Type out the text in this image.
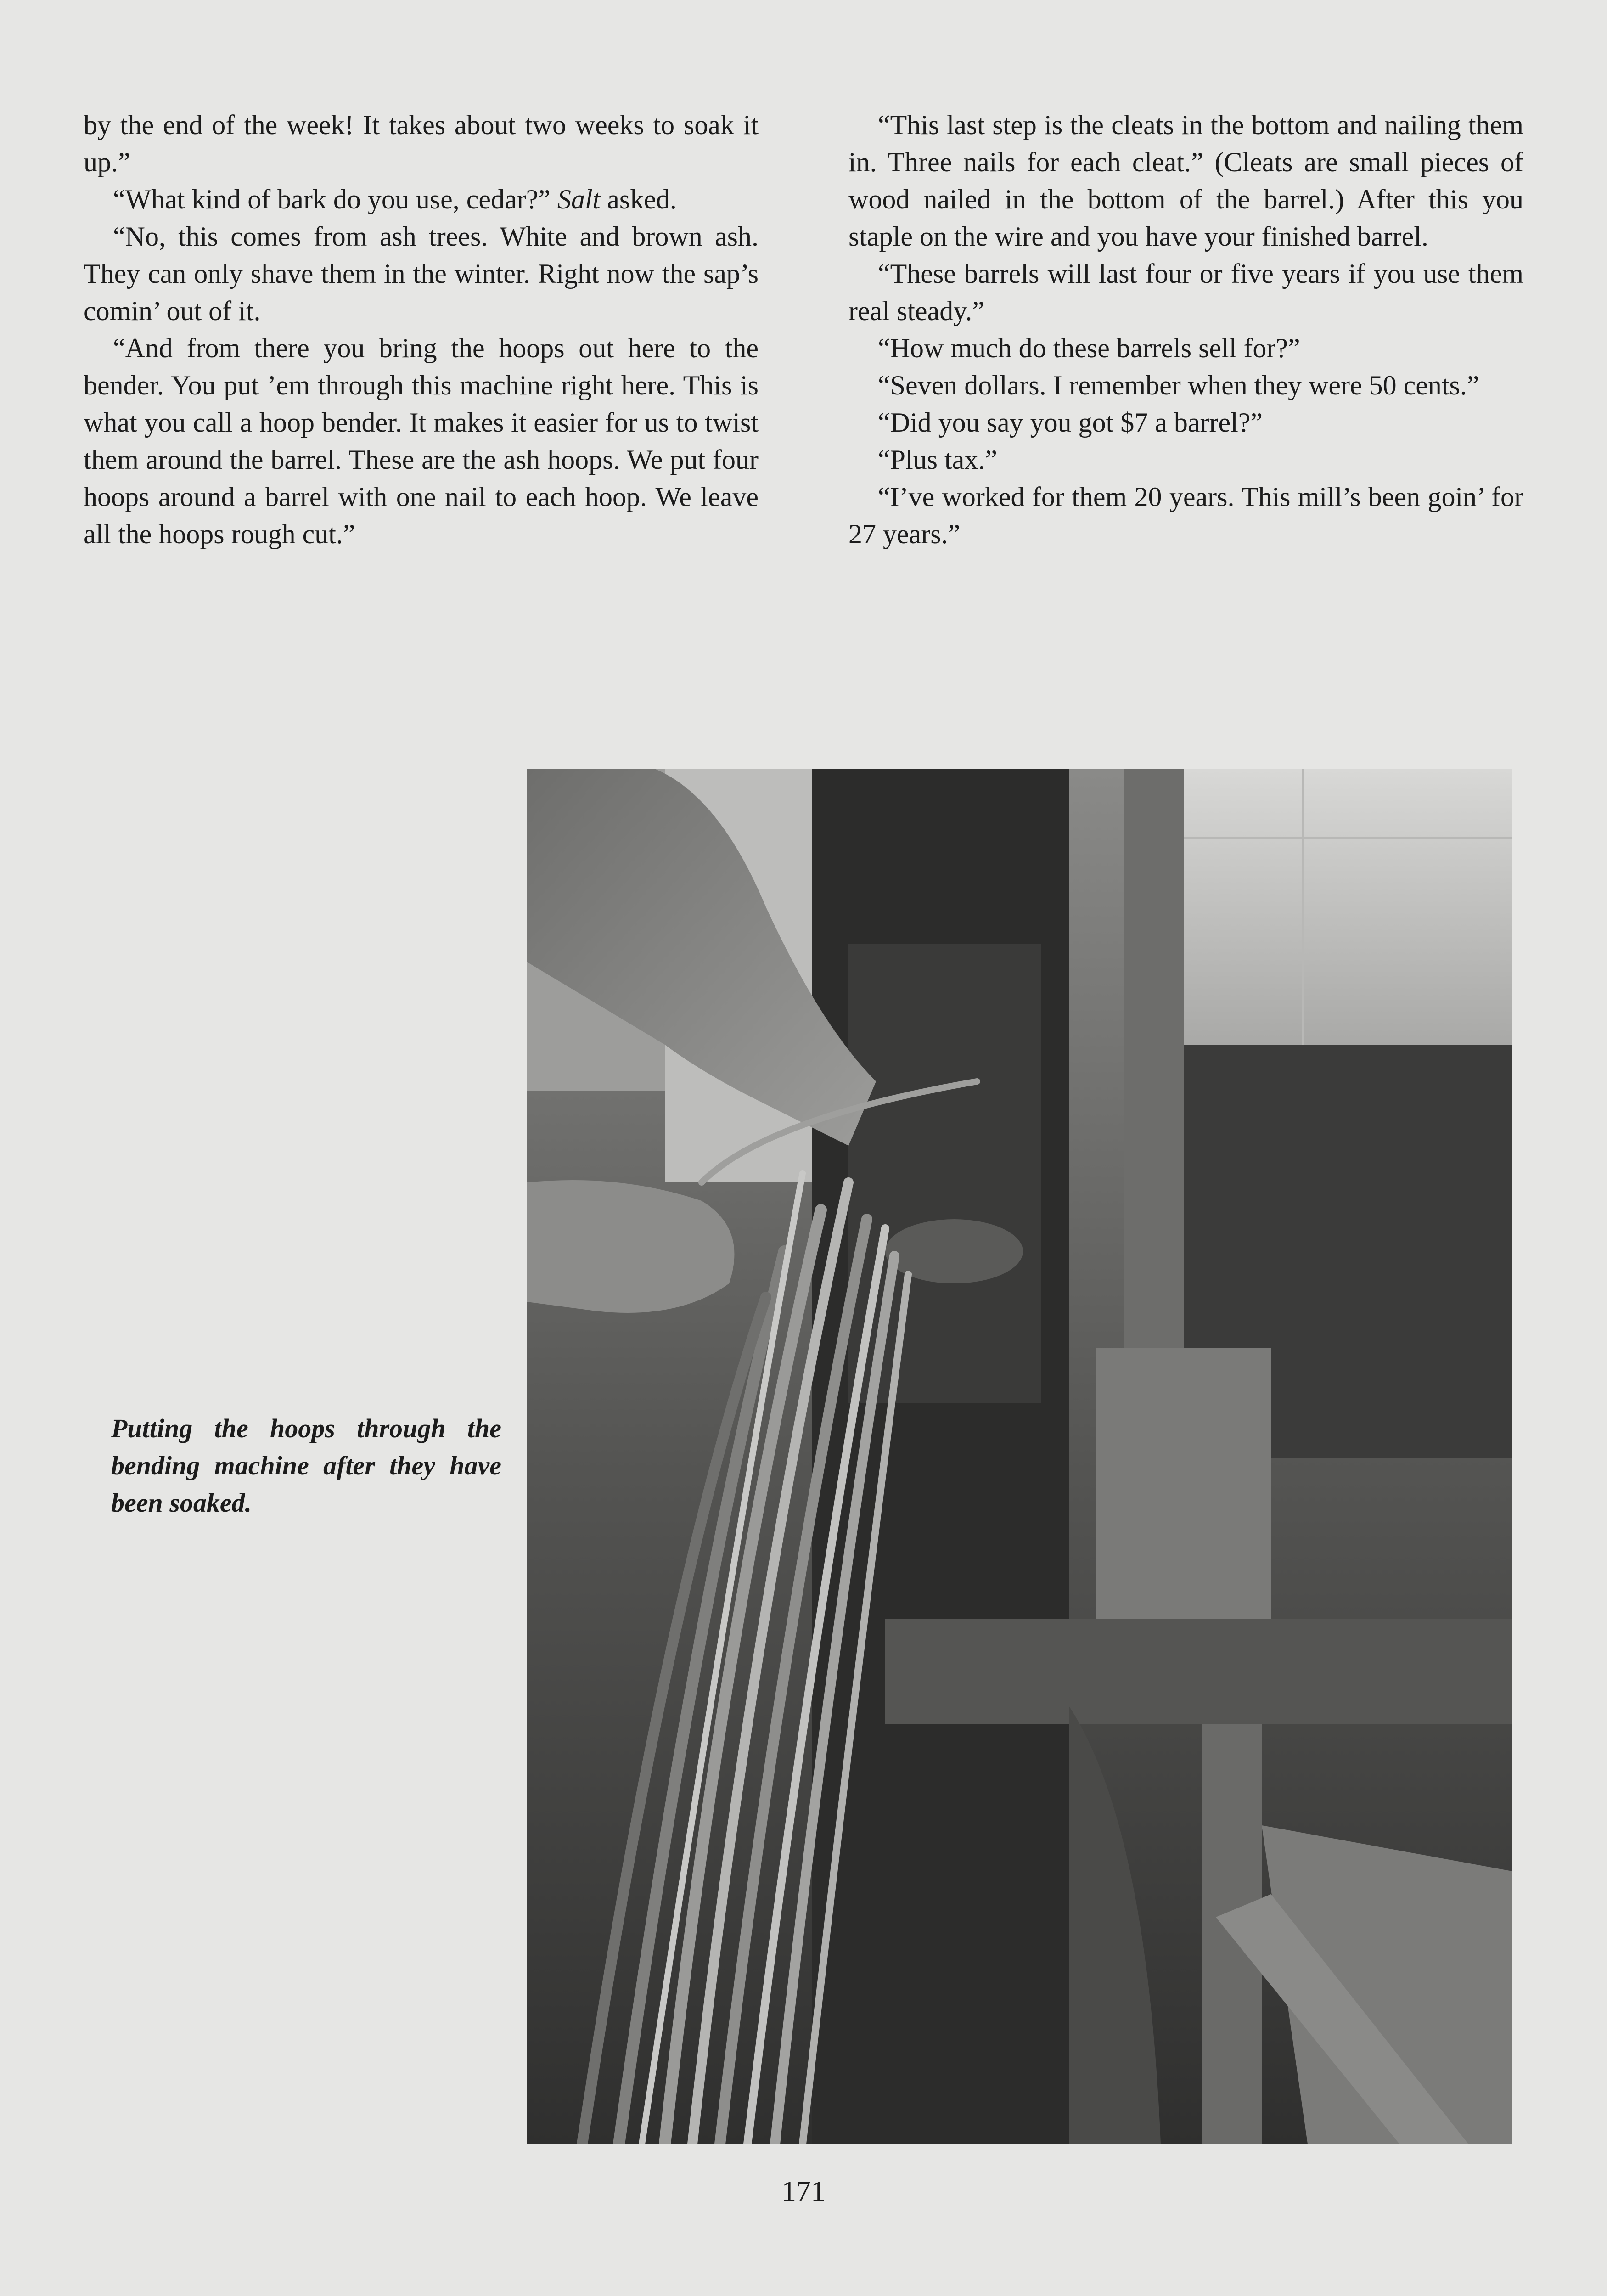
by the end of the week! It takes about two weeks to soak it up.”

“What kind of bark do you use, cedar?” Salt asked.

“No, this comes from ash trees. White and brown ash. They can only shave them in the winter. Right now the sap’s comin’ out of it.

“And from there you bring the hoops out here to the bender. You put ’em through this machine right here. This is what you call a hoop bender. It makes it easier for us to twist them around the barrel. These are the ash hoops. We put four hoops around a barrel with one nail to each hoop. We leave all the hoops rough cut.”

“This last step is the cleats in the bottom and nailing them in. Three nails for each cleat.” (Cleats are small pieces of wood nailed in the bottom of the barrel.) After this you staple on the wire and you have your finished barrel.

“These barrels will last four or five years if you use them real steady.”

“How much do these barrels sell for?”

“Seven dollars. I remember when they were 50 cents.”

“Did you say you got $7 a barrel?”

“Plus tax.”

“I’ve worked for them 20 years. This mill’s been goin’ for 27 years.”

Putting the hoops through the bending machine after they have been soaked.
171
